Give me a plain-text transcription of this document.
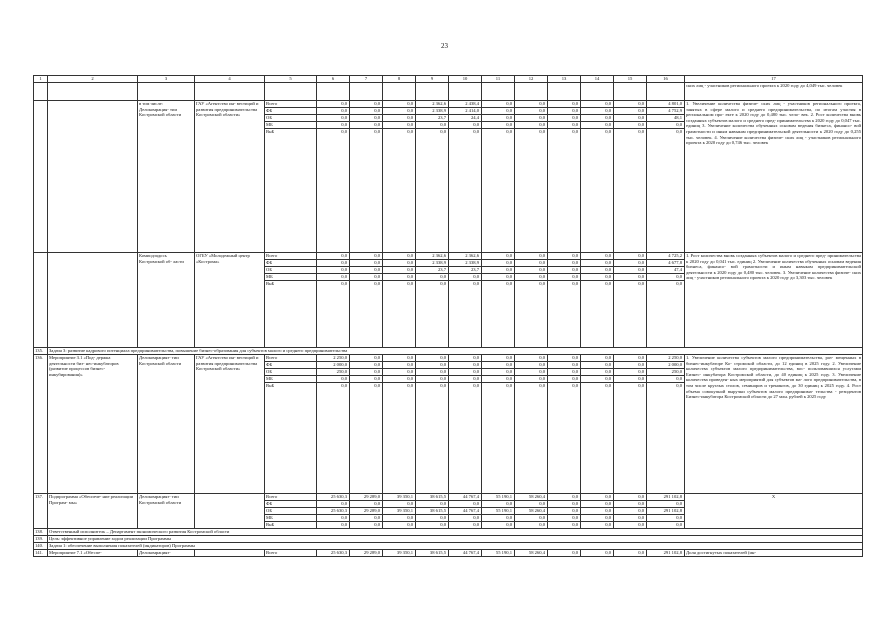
23
1	2	3	4	5	6	7	8	9	10	11	12	13	14	15	16	17
																ских лиц - участников регионального проекта к 2020 году до 4,049 тыс. человек
		в том числе: Делокомрация- тии Костромской области	ГАУ «Агентство ин- вестиций и развития предпринимательства Костромской области»	Всего	0,0	0,0	0,0	2 362,6	2 438,4	0,0	0,0	0,0	0,0	0,0	4 801,0	1. Увеличение количества физиче- ских лиц - участников регионального проекта, занятых в сфере малого и среднего предпринимательства, по итогам участия в региональном про- екте к 2020 году до 0,480 тыс. чело- век. 2. Рост количества вновь созданных субъектов малого и среднего пред- принимательства к 2020 году до 0,047 тыс. единиц 3. Увеличение количества обученных основам ведения бизнеса, финансо- вой грамотности и иным навыкам предпринимательской деятельности к 2020 году до 0,255 тыс. человек. 4. Увеличение количества физиче- ских лиц - участников регионального проекта к 2020 году до 0,746 тыс. человек
				ФБ	0,0	0,0	0,0	2 338,9	2 414,0	0,0	0,0	0,0	0,0	0,0	4 752,9	
				ОБ	0,0	0,0	0,0	23,7	24,4	0,0	0,0	0,0	0,0	0,0	48,1	
				МБ	0,0	0,0	0,0	0,0	0,0	0,0	0,0	0,0	0,0	0,0	0,0	
				ВнБ	0,0	0,0	0,0	0,0	0,0	0,0	0,0	0,0	0,0	0,0	0,0	
		Комиодзадось Костромской об- ласти	ОГБУ «Молодежный центр «Кострома»	Всего	0,0	0,0	0,0	2 362,6	2 362,6	0,0	0,0	0,0	0,0	0,0	4 725,2	1. Рост количества вновь созданных субъектов малого и среднего пред- принимательства к 2020 году до 0,041 тыс. единиц 2. Увеличение количества обученных основам ведения бизнеса, финансо- вой грамотности и иным навыкам предпринимательской деятельности к 2020 году до 0,480 тыс. человек. 3. Увеличение количества физиче- ских лиц - участников регионального проекта к 2020 году до 3,303 тыс. человек
				ФБ	0,0	0,0	0,0	2 338,9	2 338,9	0,0	0,0	0,0	0,0	0,0	4 677,8	
				ОБ	0,0	0,0	0,0	23,7	23,7	0,0	0,0	0,0	0,0	0,0	47,4	
				МБ	0,0	0,0	0,0	0,0	0,0	0,0	0,0	0,0	0,0	0,0	0,0	
				ВнБ	0,0	0,0	0,0	0,0	0,0	0,0	0,0	0,0	0,0	0,0	0,0	
135.	Задача 3: развитие кадрового потенциала предпринимательства, повышение бизнес-образования для субъектов малого и среднего предпринимательства															
136.	Мероприятие 3.1 «Под- держка деятельности биз- нес-инкубаторов (развитие процессов бизнес- инкубирования)»	Делокомрацияз- тии Костромской области	ГАУ «Агентство ин- вестиций и развития предпринимательства Костромской области»	Всего	2 250,0	0,0	0,0	0,0	0,0	0,0	0,0	0,0	0,0	0,0	2 250,0	1. Увеличение количества субъектов малого предпринимательства, раз- мещенных в бизнес-инкубаторе Ко- стромской области, до 12 единиц в 2025 году. 2. Увеличение количества субъектов малого предпринимательства, вос- пользовавшихся услугами Бизнес- инкубатора Костромской области, до 40 единиц к 2025 году. 3. Увеличение количества проведен- ных мероприятий для субъектов ма- лого предпринимательства, в том числе круглых столов, семинаров и тренингов, до 30 единиц к 2025 году. 4. Рост объема совокупной выручки субъектов малого предпринима- тельства - резидентов Бизнес-инкубатора Костромской области до 27 млн. рублей к 2025 году
				ФБ	2 000,0	0,0	0,0	0,0	0,0	0,0	0,0	0,0	0,0	0,0	2 000,0	
				ОБ	250,0	0,0	0,0	0,0	0,0	0,0	0,0	0,0	0,0	0,0	250,0	
				МБ	0,0	0,0	0,0	0,0	0,0	0,0	0,0	0,0	0,0	0,0	0,0	
				ВнБ	0,0	0,0	0,0	0,0	0,0	0,0	0,0	0,0	0,0	0,0	0,0	
137.	Подпрограмма «Обеспече- ние реализации Програм- мы»	Делокомрацияз- тии Костромской области		Всего	25 630,3	29 289,0	39 350,1	38 615,5	44 767,4	55 190,1	58 260,4	0,0	0,0	0,0	291 102,8	X
				ФБ	0,0	0,0	0,0	0,0	0,0	0,0	0,0	0,0	0,0	0,0	0,0	
				ОБ	25 630,3	29 289,0	39 350,1	38 615,5	44 767,4	55 190,1	58 260,4	0,0	0,0	0,0	291 102,8	
				МБ	0,0	0,0	0,0	0,0	0,0	0,0	0,0	0,0	0,0	0,0	0,0	
				ВнБ	0,0	0,0	0,0	0,0	0,0	0,0	0,0	0,0	0,0	0,0	0,0	
138.	Ответственный исполнитель – Департамент экономического развития Костромской области															
139.	Цель: эффективное управление ходом реализации Программы															
140.	Задача 1: обеспечение выполнения показателей (индикаторов) Программы															
141.	Мероприятие 7.1 «Обеспе-	Делокомрацияз-		Всего	25 630,3	29 289,0	39 350,1	38 615,5	44 767,4	55 190,1	58 260,4	0,0	0,0	0,0	291 102,8	Доля достигнутых показателей (ин-
